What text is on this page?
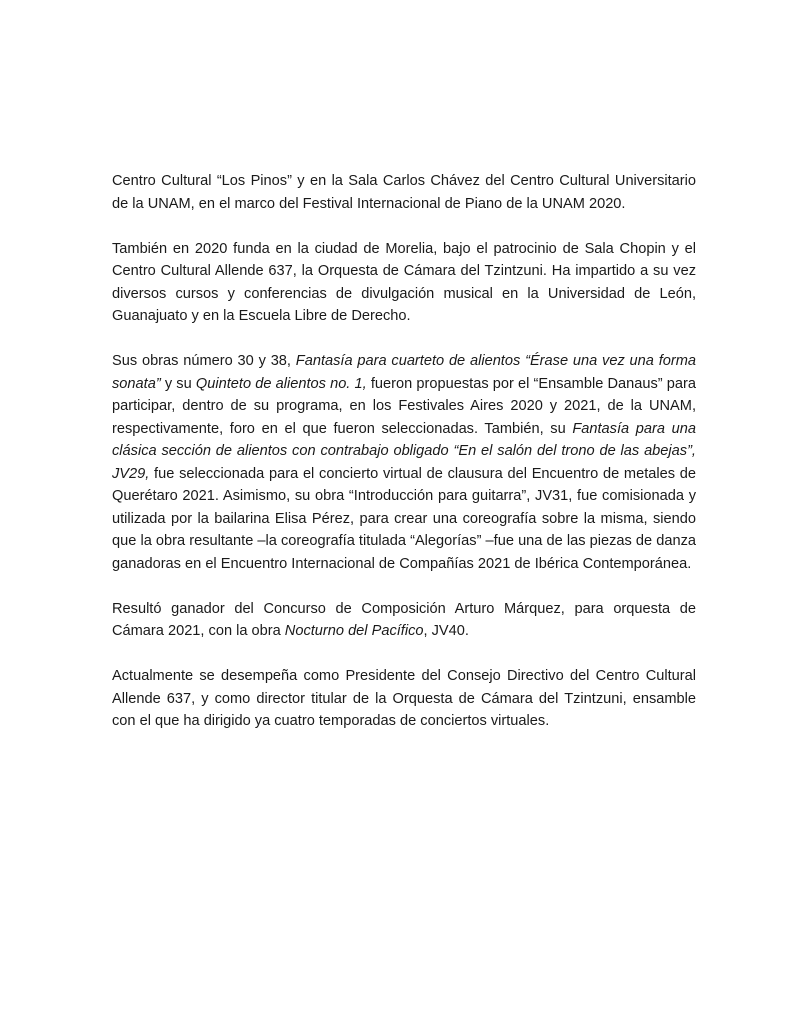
Centro Cultural “Los Pinos” y en la Sala Carlos Chávez del Centro Cultural Universitario de la UNAM, en el marco del Festival Internacional de Piano de la UNAM 2020.

También en 2020 funda en la ciudad de Morelia, bajo el patrocinio de Sala Chopin y el Centro Cultural Allende 637, la Orquesta de Cámara del Tzintzuni. Ha impartido a su vez diversos cursos y conferencias de divulgación musical en la Universidad de León, Guanajuato y en la Escuela Libre de Derecho.

Sus obras número 30 y 38, Fantasía para cuarteto de alientos “Érase una vez una forma sonata” y su Quinteto de alientos no. 1, fueron propuestas por el “Ensamble Danaus” para participar, dentro de su programa, en los Festivales Aires 2020 y 2021, de la UNAM, respectivamente, foro en el que fueron seleccionadas. También, su Fantasía para una clásica sección de alientos con contrabajo obligado “En el salón del trono de las abejas”, JV29, fue seleccionada para el concierto virtual de clausura del Encuentro de metales de Querétaro 2021. Asimismo, su obra “Introducción para guitarra”, JV31, fue comisionada y utilizada por la bailarina Elisa Pérez, para crear una coreografía sobre la misma, siendo que la obra resultante –la coreografía titulada “Alegorías” –fue una de las piezas de danza ganadoras en el Encuentro Internacional de Compañías 2021 de Ibérica Contemporánea.

Resultó ganador del Concurso de Composición Arturo Márquez, para orquesta de Cámara 2021, con la obra Nocturno del Pacífico, JV40.

Actualmente se desempeña como Presidente del Consejo Directivo del Centro Cultural Allende 637, y como director titular de la Orquesta de Cámara del Tzintzuni, ensamble con el que ha dirigido ya cuatro temporadas de conciertos virtuales.
